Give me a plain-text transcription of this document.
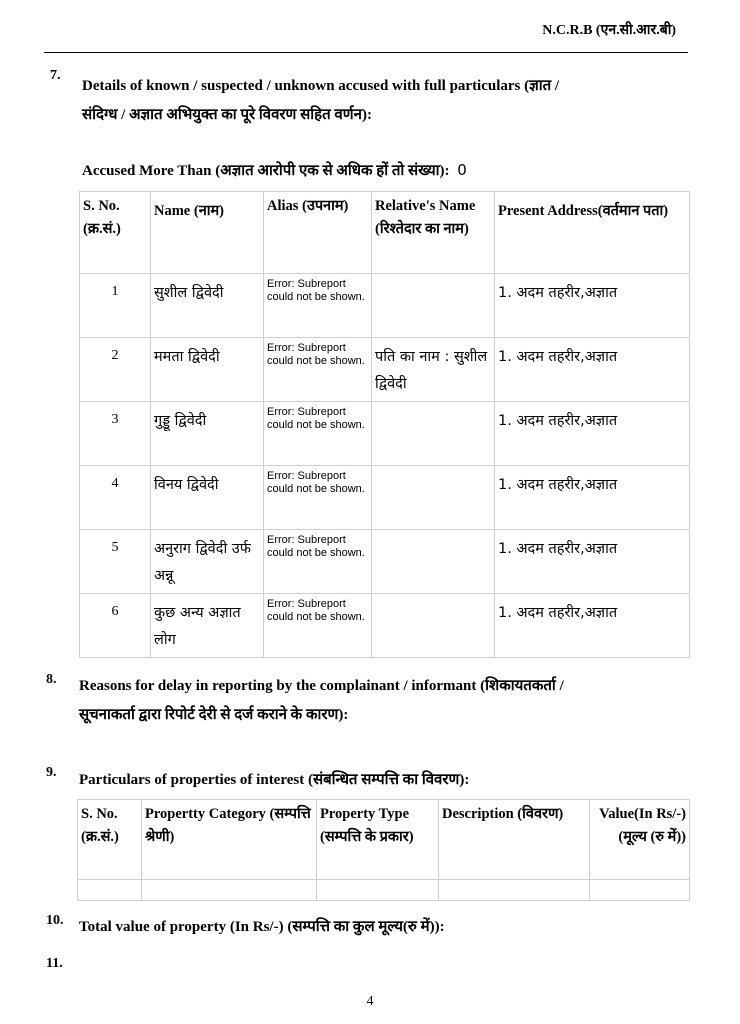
N.C.R.B (एन.सी.आर.बी)
7.
Details of known / suspected / unknown accused with full particulars (ज्ञात /
संदिग्ध / अज्ञात अभियुक्त का पूरे विवरण सहित वर्णन):
Accused More Than (अज्ञात आरोपी एक से अधिक हों तो संख्या): 0
S. No. (क्र.सं.)	Name (नाम)	Alias (उपनाम)	Relative's Name (रिश्तेदार का नाम)	Present Address(वर्तमान पता)
1	सुशील द्विवेदी	Error: Subreport could not be shown.		1. अदम तहरीर,अज्ञात
2	ममता द्विवेदी	Error: Subreport could not be shown.	पति का नाम : सुशील द्विवेदी	1. अदम तहरीर,अज्ञात
3	गुड्डू द्विवेदी	Error: Subreport could not be shown.		1. अदम तहरीर,अज्ञात
4	विनय द्विवेदी	Error: Subreport could not be shown.		1. अदम तहरीर,अज्ञात
5	अनुराग द्विवेदी उर्फ अन्नू	Error: Subreport could not be shown.		1. अदम तहरीर,अज्ञात
6	कुछ अन्य अज्ञात लोग	Error: Subreport could not be shown.		1. अदम तहरीर,अज्ञात
8. Reasons for delay in reporting by the complainant / informant (शिकायतकर्ता /
सूचनाकर्ता द्वारा रिपोर्ट देरी से दर्ज कराने के कारण):
9. Particulars of properties of interest (संबन्धित सम्पत्ति का विवरण):
S. No. (क्र.सं.)	Propertty Category (सम्पत्ति श्रेणी)	Property Type (सम्पत्ति के प्रकार)	Description (विवरण)	Value(In Rs/-) (मूल्य (रु में))

10. Total value of property (In Rs/-) (सम्पत्ति का कुल मूल्य(रु में)):
11.
4
